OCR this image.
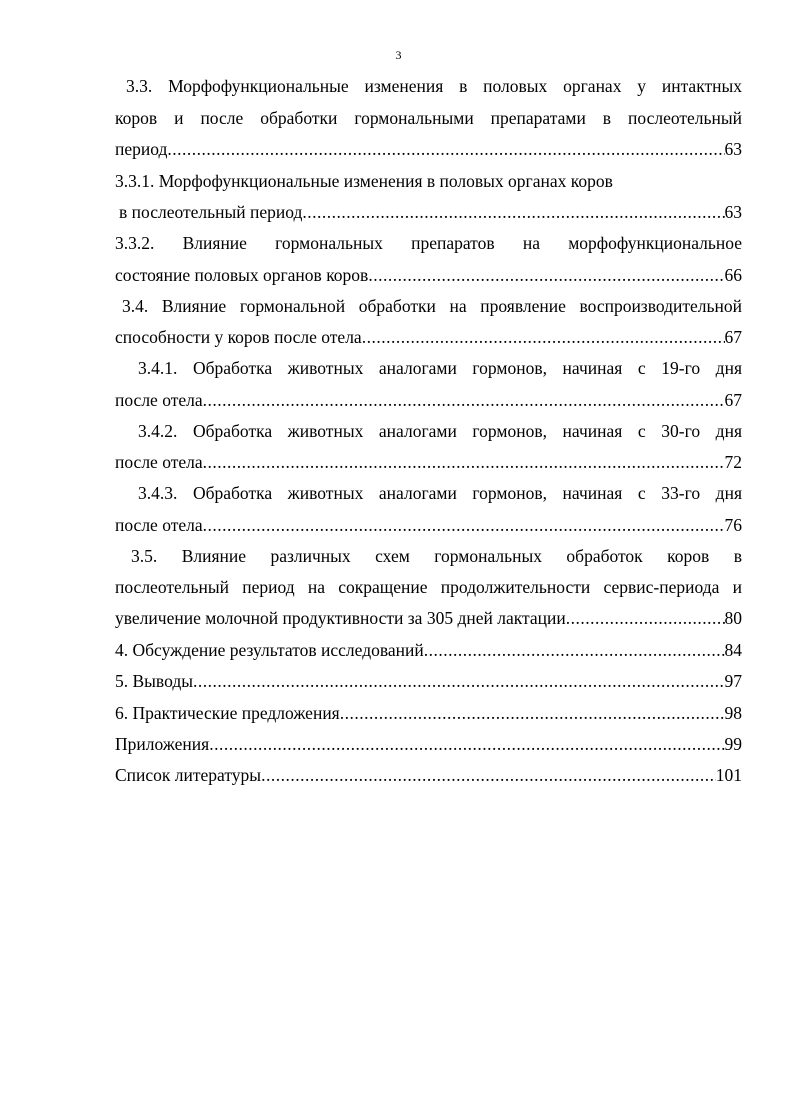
3
3.3. Морфофункциональные изменения в половых органах у интактных
коров и после обработки гормональными препаратами в послеотельный
период .....	63
3.3.1. Морфофункциональные изменения в половых органах коров
в послеотельный период .....	63
3.3.2. Влияние гормональных препаратов на морфофункциональное
состояние половых органов коров .....	66
3.4. Влияние гормональной обработки на проявление воспроизводительной
способности у коров после отела .....	67
3.4.1. Обработка животных аналогами гормонов, начиная с 19-го дня
после отела .....	67
3.4.2. Обработка животных аналогами гормонов, начиная с 30-го дня
после отела .....	72
3.4.3. Обработка животных аналогами гормонов, начиная с 33-го дня
после отела .....	76
3.5. Влияние различных схем гормональных обработок коров в
послеотельный период на сокращение продолжительности сервис-периода и
увеличение молочной продуктивности за 305 дней лактации .....	80
4. Обсуждение результатов исследований .....	84
5. Выводы .....	97
6. Практические предложения .....	98
Приложения .....	99
Список литературы .....	101
